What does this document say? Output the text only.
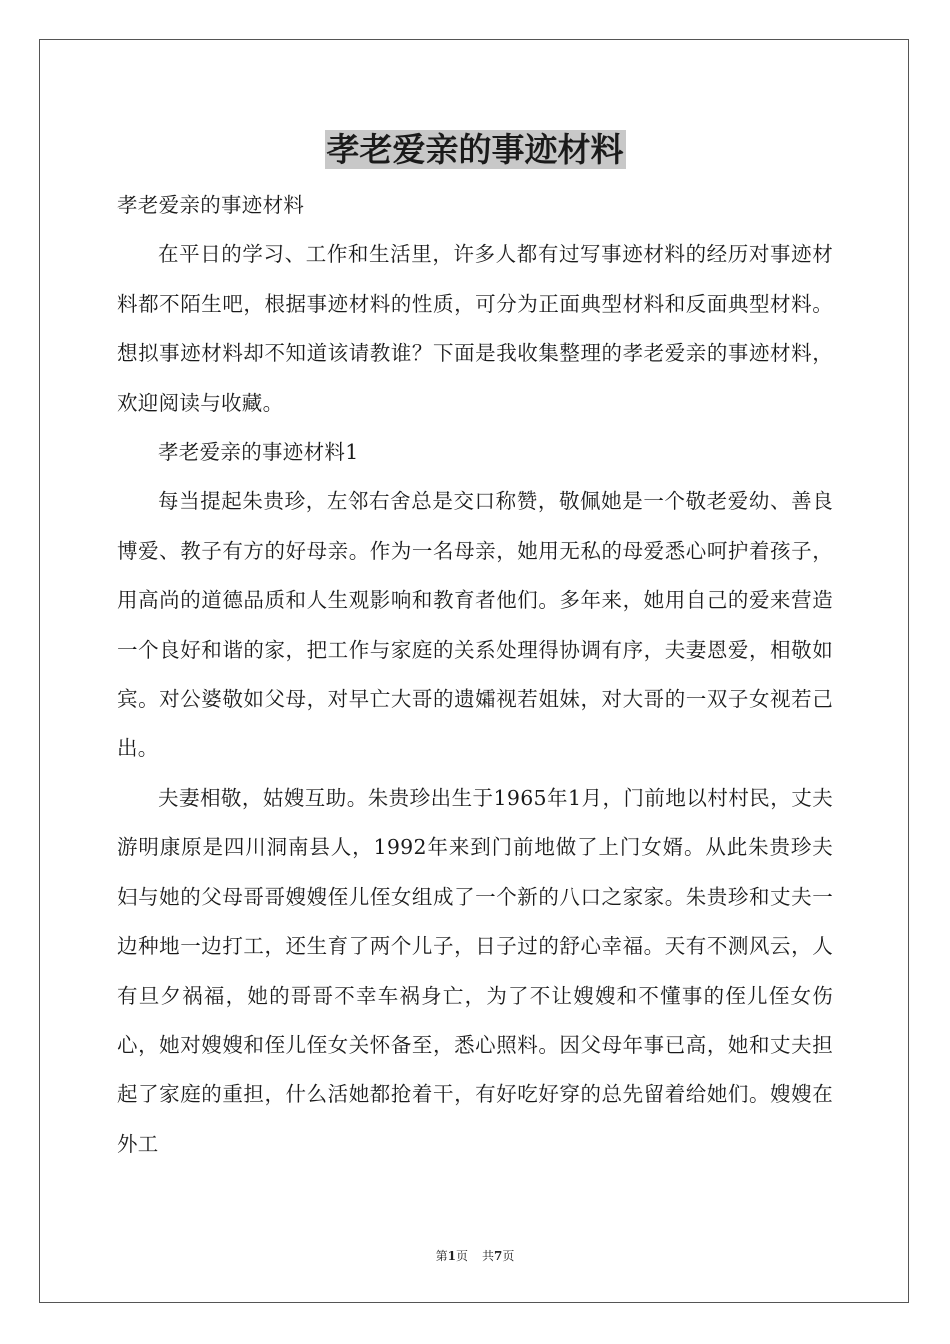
孝老爱亲的事迹材料

孝老爱亲的事迹材料

在平日的学习、工作和生活里，许多人都有过写事迹材料的经历对事迹材料都不陌生吧，根据事迹材料的性质，可分为正面典型材料和反面典型材料。想拟事迹材料却不知道该请教谁？下面是我收集整理的孝老爱亲的事迹材料，欢迎阅读与收藏。

孝老爱亲的事迹材料1

每当提起朱贵珍，左邻右舍总是交口称赞，敬佩她是一个敬老爱幼、善良博爱、教子有方的好母亲。作为一名母亲，她用无私的母爱悉心呵护着孩子，用高尚的道德品质和人生观影响和教育者他们。多年来，她用自己的爱来营造一个良好和谐的家，把工作与家庭的关系处理得协调有序，夫妻恩爱，相敬如宾。对公婆敬如父母，对早亡大哥的遗孀视若姐妹，对大哥的一双子女视若己出。

夫妻相敬，姑嫂互助。朱贵珍出生于1965年1月，门前地以村村民，丈夫游明康原是四川洞南县人，1992年来到门前地做了上门女婿。从此朱贵珍夫妇与她的父母哥哥嫂嫂侄儿侄女组成了一个新的八口之家家。朱贵珍和丈夫一边种地一边打工，还生育了两个儿子，日子过的舒心幸福。天有不测风云，人有旦夕祸福，她的哥哥不幸车祸身亡，为了不让嫂嫂和不懂事的侄儿侄女伤心，她对嫂嫂和侄儿侄女关怀备至，悉心照料。因父母年事已高，她和丈夫担起了家庭的重担，什么活她都抢着干，有好吃好穿的总先留着给她们。嫂嫂在外工

第1页 共7页
